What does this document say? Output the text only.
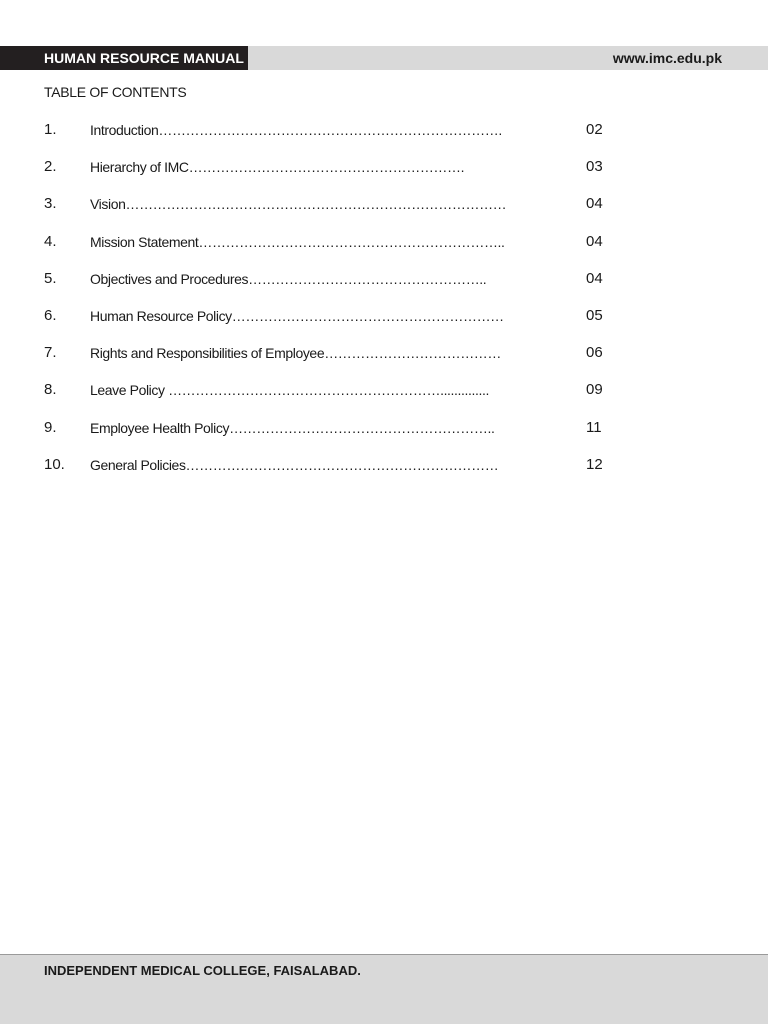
HUMAN RESOURCE MANUAL	www.imc.edu.pk
TABLE OF CONTENTS
1. Introduction………………………………………………………………….	02
2. Hierarchy of IMC…………………………………………………….	03
3. Vision…………………………………………………………………………	04
4. Mission Statement…………………………………………………………..	04
5. Objectives and Procedures……………………………………………..	04
6. Human Resource Policy……………………………………………………	05
7. Rights and Responsibilities of Employee…………………………………	06
8. Leave Policy ……………………………………………………..............	09
9. Employee Health Policy…………………………………………………..	11
10. General Policies……………………………………………………………	12
INDEPENDENT MEDICAL COLLEGE, FAISALABAD.
